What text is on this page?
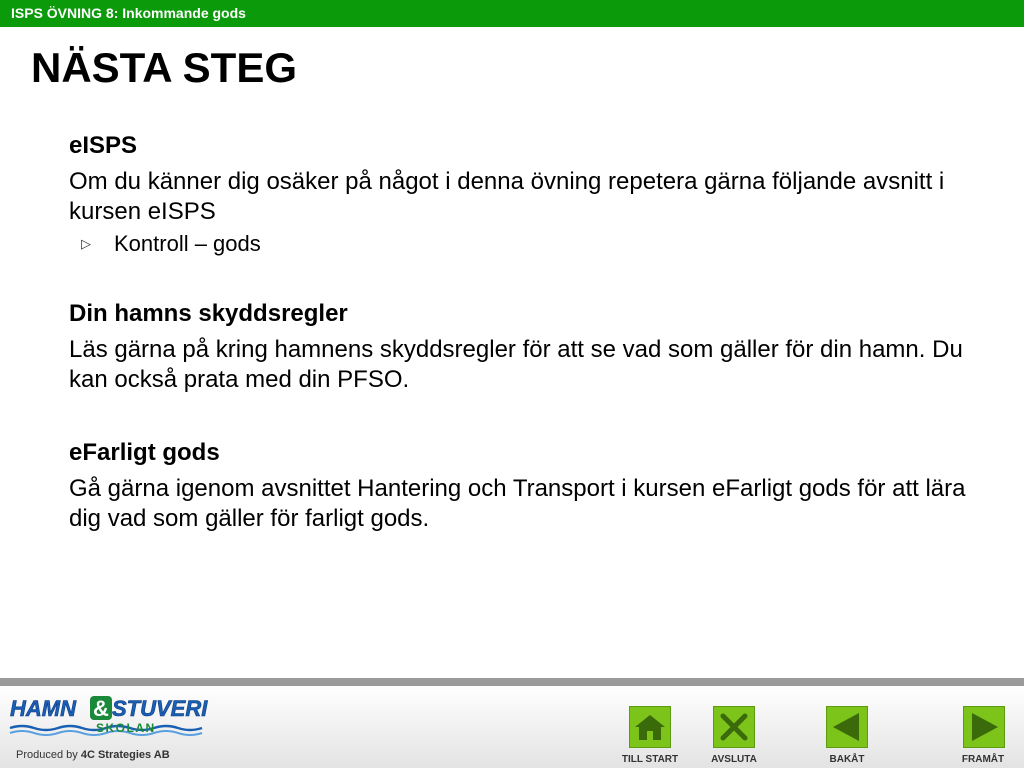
ISPS ÖVNING 8: Inkommande gods
NÄSTA STEG

eISPS

Om du känner dig osäker på något i denna övning repetera gärna följande avsnitt i kursen eISPS

▷	Kontroll – gods

Din hamns skyddsregler

Läs gärna på kring hamnens skyddsregler för att se vad som gäller för din hamn. Du kan också prata med din PFSO.

eFarligt gods

Gå gärna igenom avsnittet Hantering och Transport i kursen eFarligt gods för att lära dig vad som gäller för farligt gods.

HAMN & STUVERI
SKOLAN
Produced by 4C Strategies AB	TILL START	AVSLUTA	BAKÅT	FRAMÅT
